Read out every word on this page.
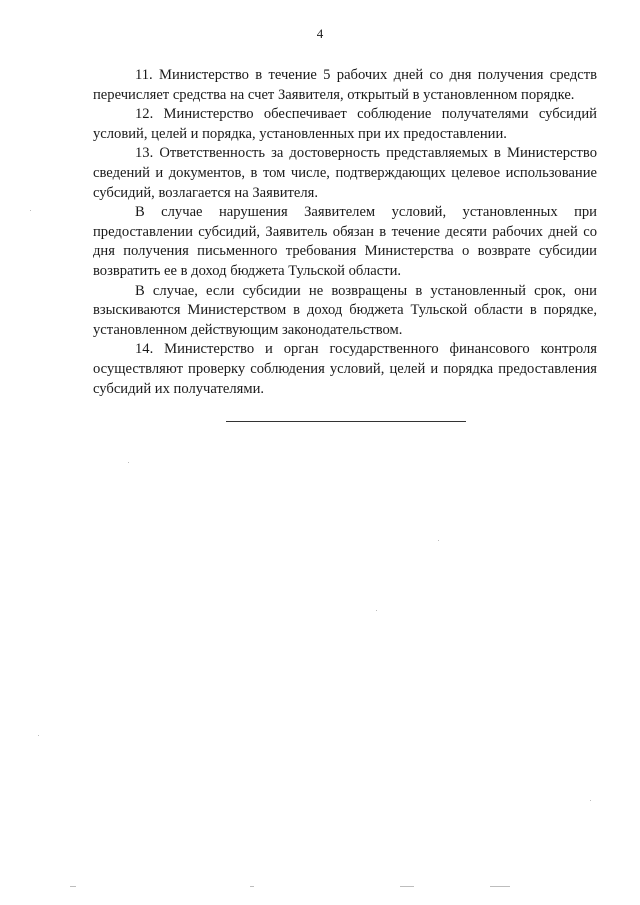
4

11. Министерство в течение 5 рабочих дней со дня получения средств перечисляет средства на счет Заявителя, открытый в установленном порядке.

12. Министерство обеспечивает соблюдение получателями субсидий условий, целей и порядка, установленных при их предоставлении.

13. Ответственность за достоверность представляемых в Министерство сведений и документов, в том числе, подтверждающих целевое использование субсидий, возлагается на Заявителя.

В случае нарушения Заявителем условий, установленных при предоставлении субсидий, Заявитель обязан в течение десяти рабочих дней со дня получения письменного требования Министерства о возврате субсидии возвратить ее в доход бюджета Тульской области.

В случае, если субсидии не возвращены в установленный срок, они взыскиваются Министерством в доход бюджета Тульской области в порядке, установленном действующим законодательством.

14. Министерство и орган государственного финансового контроля осуществляют проверку соблюдения условий, целей и порядка предоставления субсидий их получателями.
